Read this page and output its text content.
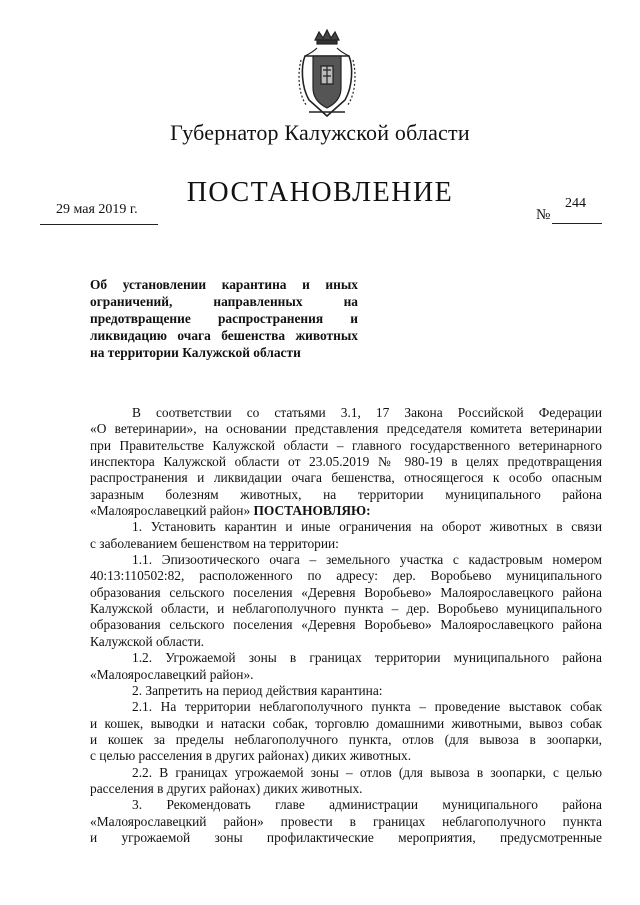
Губернатор Калужской области
ПОСТАНОВЛЕНИЕ
29 мая 2019 г.	№
244
Об установлении карантина и иных
ограничений, направленных на
предотвращение распространения и
ликвидацию очага бешенства животных
на территории Калужской области
В соответствии со статьями 3.1, 17 Закона Российской Федерации
«О ветеринарии», на основании представления председателя комитета ветеринарии
при Правительстве Калужской области – главного государственного ветеринарного
инспектора Калужской области от 23.05.2019 № 980-19 в целях предотвращения
распространения и ликвидации очага бешенства, относящегося к особо опасным
заразным болезням животных, на территории муниципального района
«Малоярославецкий район» ПОСТАНОВЛЯЮ:
1. Установить карантин и иные ограничения на оборот животных в связи
с заболеванием бешенством на территории:
1.1. Эпизоотического очага – земельного участка с кадастровым номером
40:13:110502:82, расположенного по адресу: дер. Воробьево муниципального
образования сельского поселения «Деревня Воробьево» Малоярославецкого района
Калужской области, и неблагополучного пункта – дер. Воробьево муниципального
образования сельского поселения «Деревня Воробьево» Малоярославецкого района
Калужской области.
1.2. Угрожаемой зоны в границах территории муниципального района
«Малоярославецкий район».
2. Запретить на период действия карантина:
2.1. На территории неблагополучного пункта – проведение выставок собак
и кошек, выводки и натаски собак, торговлю домашними животными, вывоз собак
и кошек за пределы неблагополучного пункта, отлов (для вывоза в зоопарки,
с целью расселения в других районах) диких животных.
2.2. В границах угрожаемой зоны – отлов (для вывоза в зоопарки, с целью
расселения в других районах) диких животных.
3. Рекомендовать главе администрации муниципального района
«Малоярославецкий район» провести в границах неблагополучного пункта
и угрожаемой зоны профилактические мероприятия, предусмотренные
